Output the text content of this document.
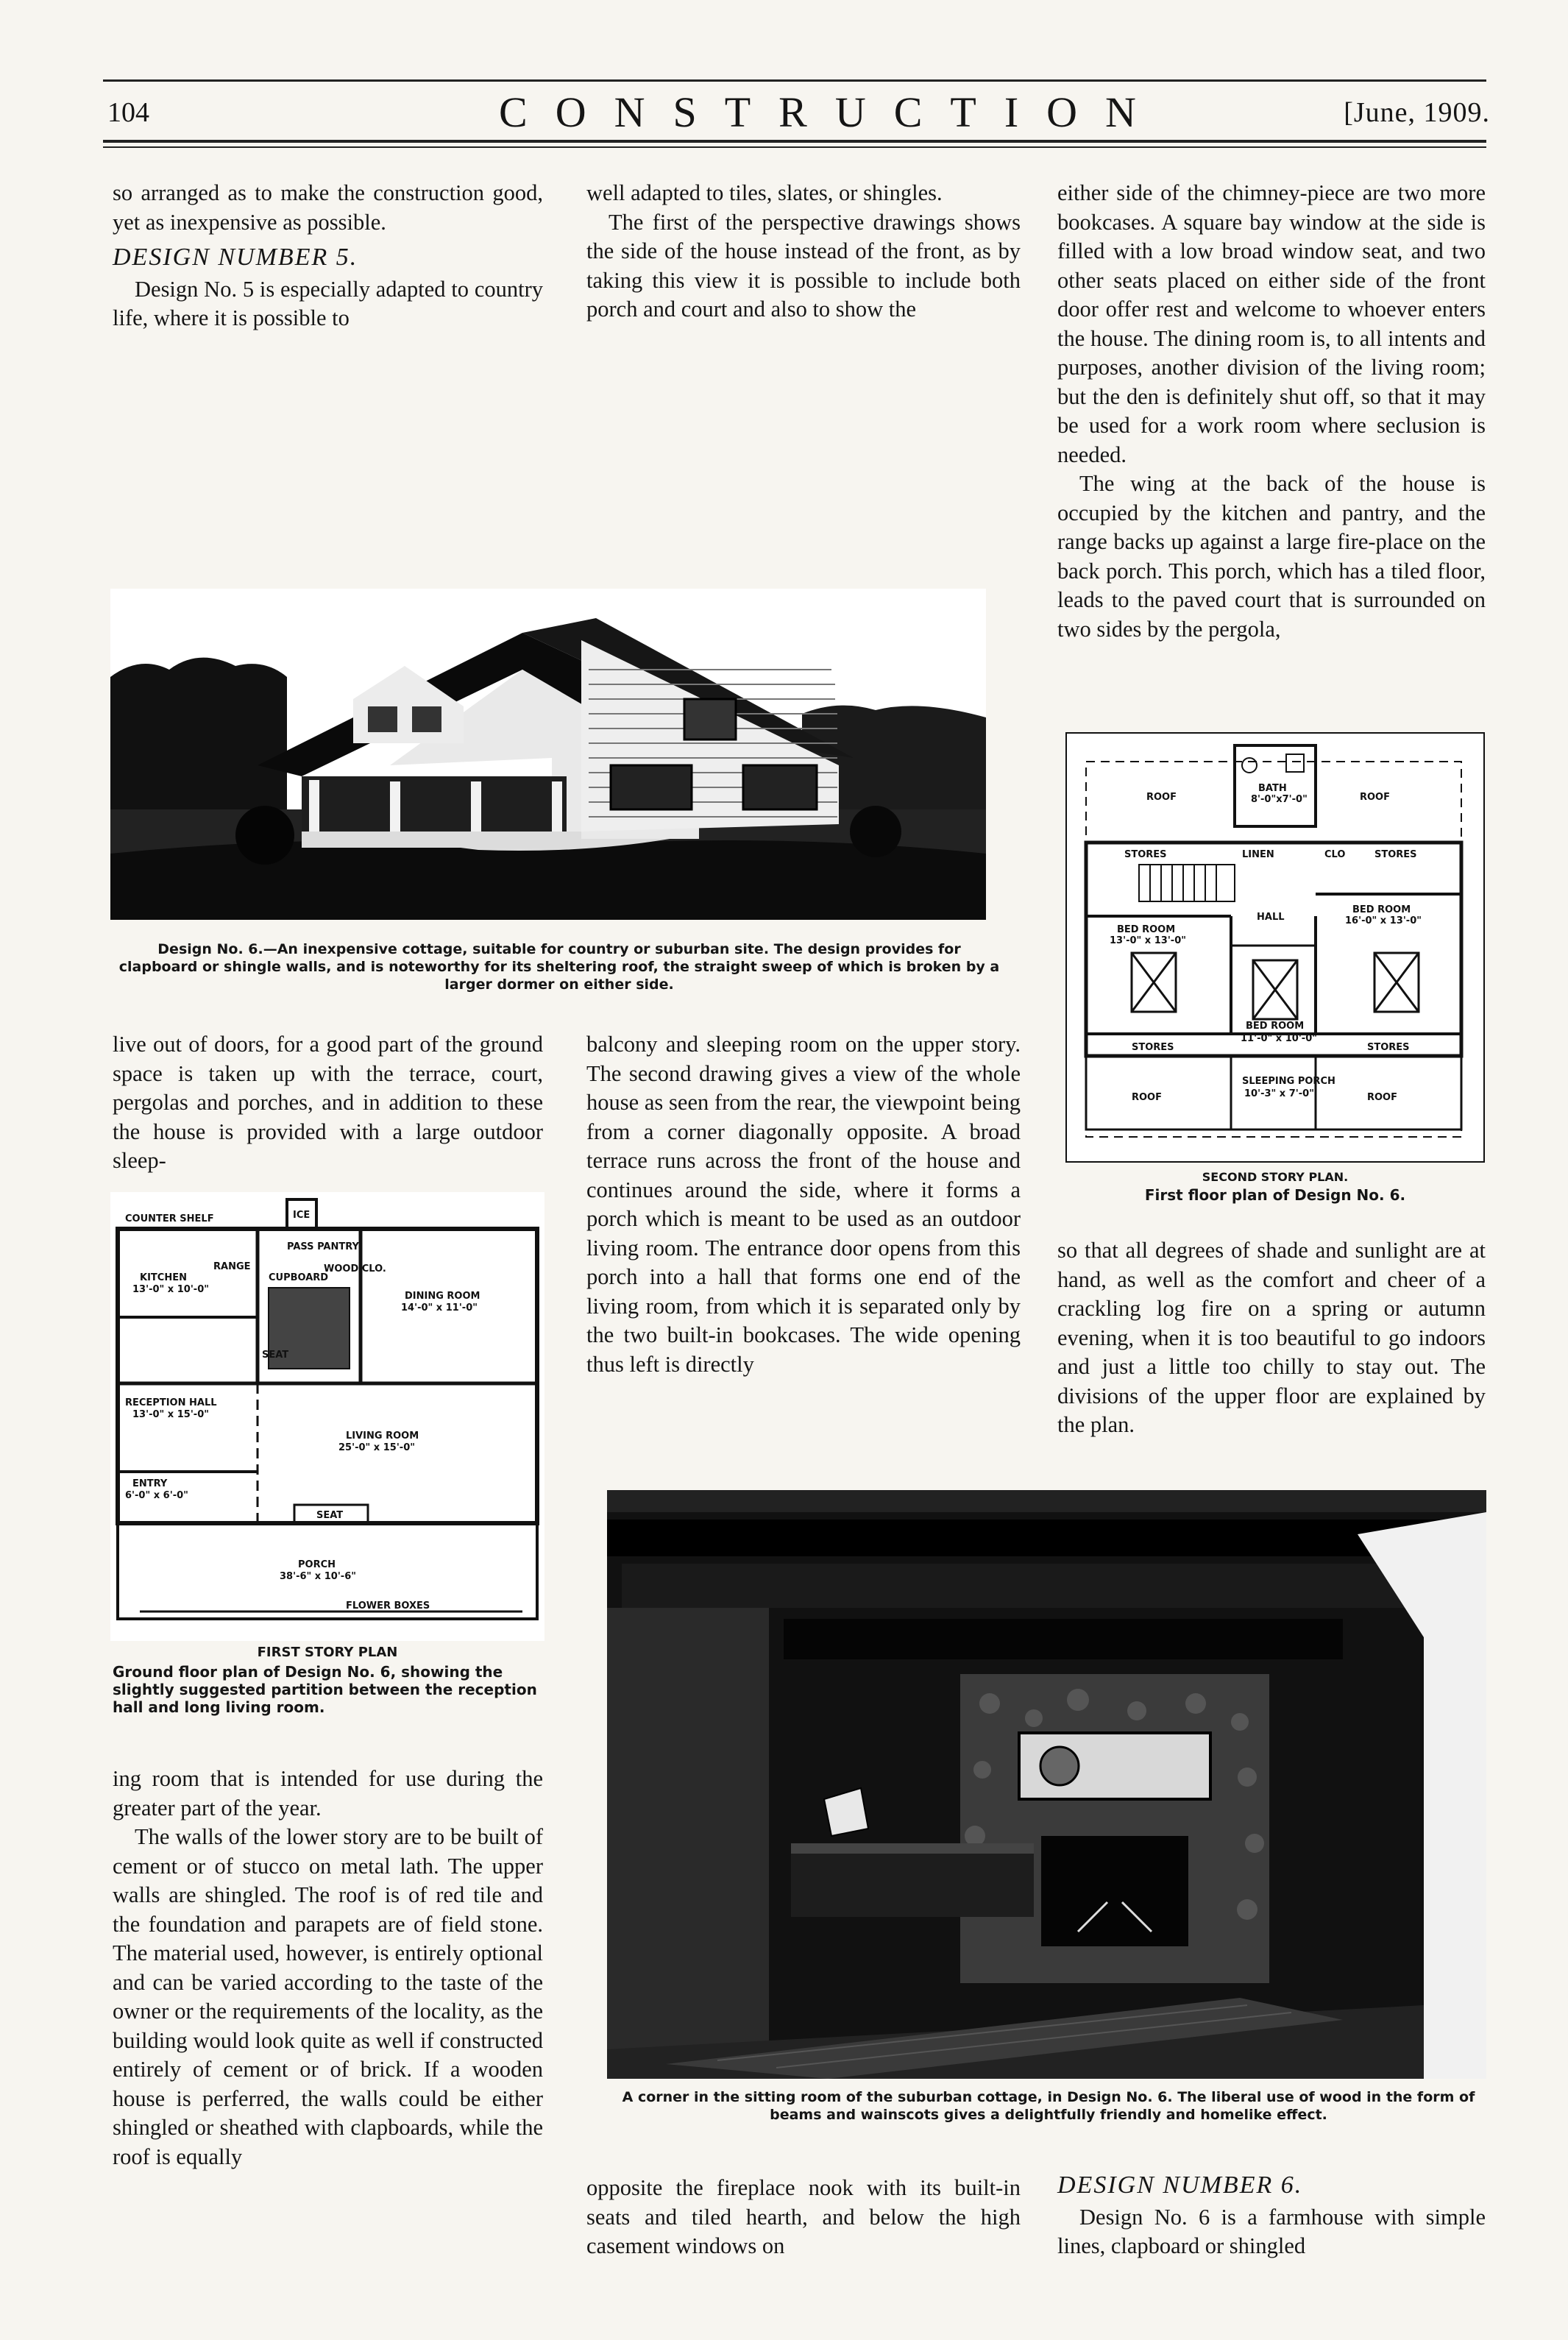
104	CONSTRUCTION	[June, 1909.

so arranged as to make the construction good, yet as inexpensive as possible.

DESIGN NUMBER 5.

Design No. 5 is especially adapted to country life, where it is possible to

well adapted to tiles, slates, or shingles.

The first of the perspective drawings shows the side of the house instead of the front, as by taking this view it is possible to include both porch and court and also to show the

either side of the chimney-piece are two more bookcases. A square bay window at the side is filled with a low broad window seat, and two other seats placed on either side of the front door offer rest and welcome to whoever enters the house. The dining room is, to all intents and purposes, another division of the living room; but the den is definitely shut off, so that it may be used for a work room where seclusion is needed.

The wing at the back of the house is occupied by the kitchen and pantry, and the range backs up against a large fire-place on the back porch. This porch, which has a tiled floor, leads to the paved court that is surrounded on two sides by the pergola,

Design No. 6.—An inexpensive cottage, suitable for country or suburban site. The design provides for clapboard or shingle walls, and is noteworthy for its sheltering roof, the straight sweep of which is broken by a larger dormer on either side.
ROOF	ROOF
BATH
8'-0"x7'-0"
STORES	LINEN	CLO	STORES
HALL
BED ROOM
13'-0" x 13'-0"
BED ROOM
16'-0" x 13'-0"
BED ROOM
11'-0" x 10'-0"
STORES	STORES
ROOF	ROOF
SLEEPING PORCH
10'-3" x 7'-0"
SECOND STORY PLAN.
First floor plan of Design No. 6.

live out of doors, for a good part of the ground space is taken up with the terrace, court, pergolas and porches, and in addition to these the house is provided with a large outdoor sleep-

balcony and sleeping room on the upper story. The second drawing gives a view of the whole house as seen from the rear, the viewpoint being from a corner diagonally opposite. A broad terrace runs across the front of the house and continues around the side, where it forms a porch which is meant to be used as an outdoor living room. The entrance door opens from this porch into a hall that forms one end of the living room, from which it is separated only by the two built-in bookcases. The wide opening thus left is directly

so that all degrees of shade and sunlight are at hand, as well as the comfort and cheer of a crackling log fire on a spring or autumn evening, when it is too beautiful to go indoors and just a little too chilly to stay out. The divisions of the upper floor are explained by the plan.

COUNTER SHELF	ICE
PASS PANTRY
KITCHEN
13'-0" x 10'-0"
RANGE
CUPBOARD
WOOD CLO.
DINING ROOM
14'-0" x 11'-0"
SEAT
RECEPTION HALL
13'-0" x 15'-0"
LIVING ROOM
25'-0" x 15'-0"
ENTRY
6'-0" x 6'-0"
SEAT
PORCH
38'-6" x 10'-6"
FLOWER BOXES
FIRST STORY PLAN
Ground floor plan of Design No. 6, showing the slightly suggested partition between the reception hall and long living room.

ing room that is intended for use during the greater part of the year.

The walls of the lower story are to be built of cement or of stucco on metal lath. The upper walls are shingled. The roof is of red tile and the foundation and parapets are of field stone. The material used, however, is entirely optional and can be varied according to the taste of the owner or the requirements of the locality, as the building would look quite as well if constructed entirely of cement or of brick. If a wooden house is perferred, the walls could be either shingled or sheathed with clapboards, while the roof is equally

A corner in the sitting room of the suburban cottage, in Design No. 6. The liberal use of wood in the form of beams and wainscots gives a delightfully friendly and homelike effect.

opposite the fireplace nook with its built-in seats and tiled hearth, and below the high casement windows on

DESIGN NUMBER 6.

Design No. 6 is a farmhouse with simple lines, clapboard or shingled
